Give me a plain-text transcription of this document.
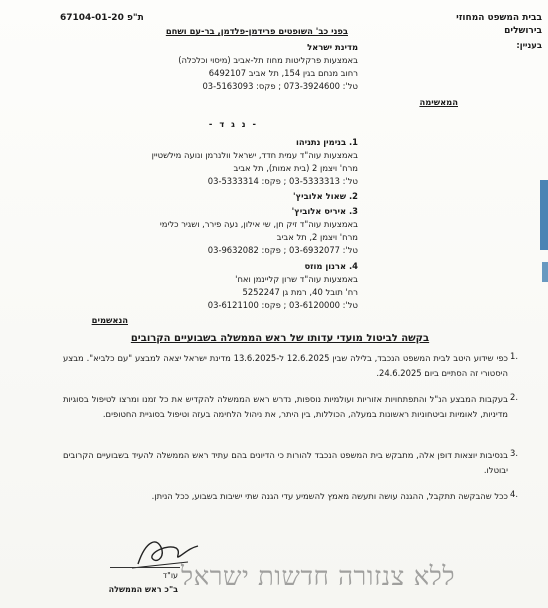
בבית המשפט המחוזי
בירושלים
בעניין:
67104-01-20 ת"פ
בפני כב' השופטים פרידמן-פלדמן, בר-עם ושחם
מדינת ישראל
באמצעות פרקליטות מחוז תל-אביב (מיסוי וכלכלה)
רחוב מנחם בגין 154, תל אביב 6492107
טל': 073-3924600 ; פקס: 03-5163093
המאשימה
- נ ג ד -
1. בנימין נתניהו
באמצעות עוה"ד עמית חדד, ישראל וולנרמן ונועה מילשטיין
מרח' ויצמן 2 (בית אמות), תל אביב
טל': 03-5333313 ; פקס: 03-5333314
2. שאול אלוביץ'
3. איריס אלוביץ'
באמצעות עוה"ד זיק חן, שי אילון, נעה פירר, ושגיר כלימי
מרח' ויצמן 2, תל אביב
טל': 03-6932077 ; פקס: 03-9632082
4. ארנון מוזס
באמצעות עוה"ד שרון קליינמן ואח'
רח' תובל 40, רמת גן 5252247
טל': 03-6120000 ; פקס: 03-6121100
הנאשמים
בקשה לביטול מועדי עדותו של ראש הממשלה בשבועיים הקרובים
1.
כפי שידוע היטב לבית המשפט הנכבד, בלילה שבין 12.6.2025 ל-13.6.2025 מדינת ישראל יצאה למבצע "עם כלביא". מבצע היסטורי זה הסתיים ביום 24.6.2025.
2.
בעקבות המבצע הנ"ל והתפתחויות אזוריות ועולמיות נוספות, נדרש ראש הממשלה להקדיש את כל זמנו ומרצו לטיפול בסוגיות מדיניות, לאומיות וביטחוניות ראשונות במעלה, הכוללות, בין היתר, את ניהול הלחימה בעזה וטיפול בסוגיית החטופים.
3.
בנסיבות יוצאות דופן אלה, מתבקש בית המשפט הנכבד להורות כי הדיונים בהם עתיד ראש הממשלה להעיד בשבועיים הקרובים יבוטלו.
4.
ככל שהבקשה תתקבל, ההגנה עושה ותעשה מאמץ להשמיע עדי הגנה שתי ישיבות בשבוע, ככל הניתן.
עו"ד
ב"כ ראש הממשלה ללא צנזורה חדשות ישראל
